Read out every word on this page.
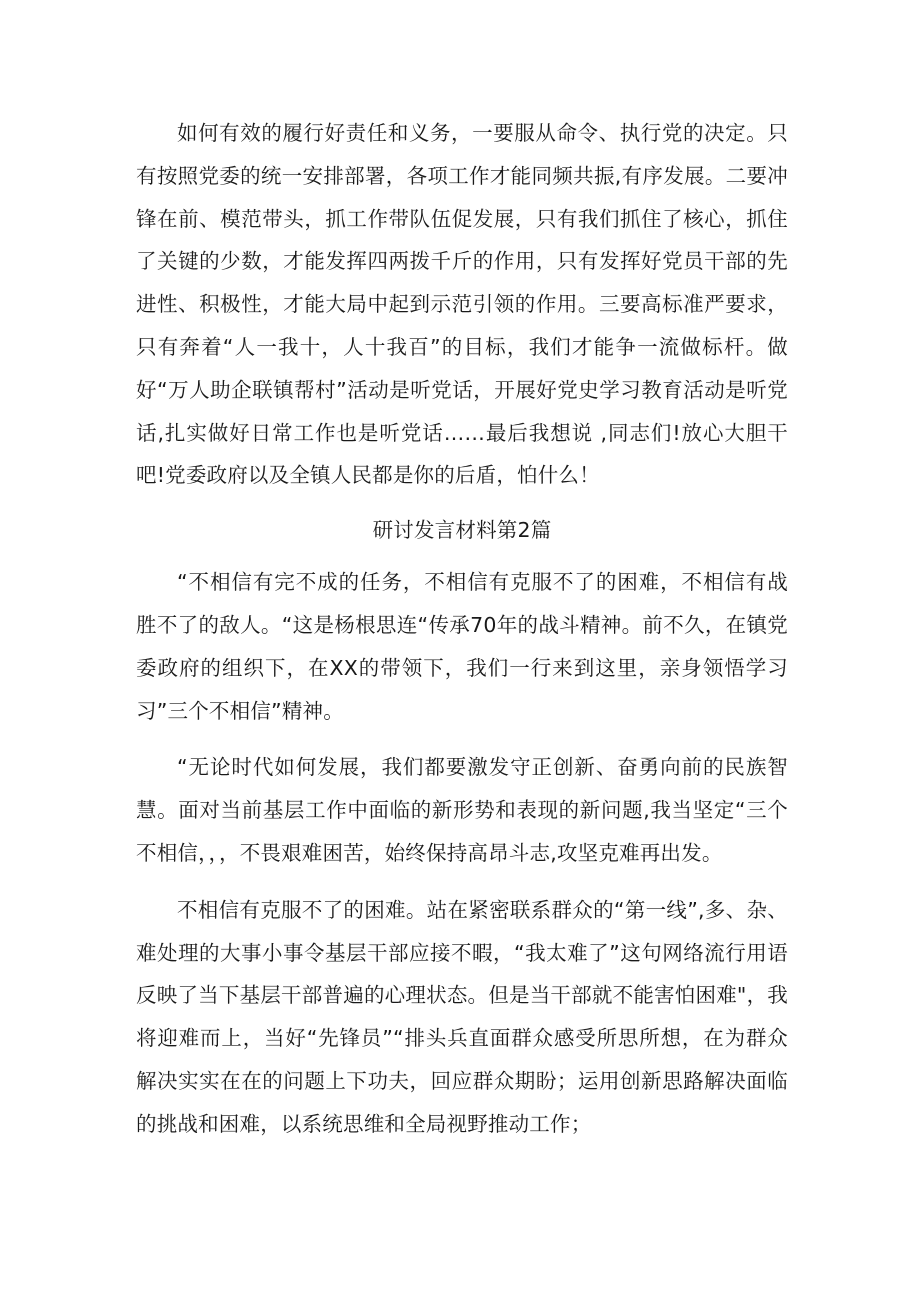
如何有效的履行好责任和义务，一要服从命令、执行党的决定。只有按照党委的统一安排部署，各项工作才能同频共振,有序发展。二要冲锋在前、模范带头，抓工作带队伍促发展，只有我们抓住了核心，抓住了关键的少数，才能发挥四两拨千斤的作用，只有发挥好党员干部的先进性、积极性，才能大局中起到示范引领的作用。三要高标准严要求，只有奔着“人一我十，人十我百”的目标，我们才能争一流做标杆。做好“万人助企联镇帮村”活动是听党话，开展好党史学习教育活动是听党话,扎实做好日常工作也是听党话……最后我想说 ,同志们!放心大胆干吧!党委政府以及全镇人民都是你的后盾，怕什么！

研讨发言材料第2篇

“不相信有完不成的任务，不相信有克服不了的困难，不相信有战胜不了的敌人。“这是杨根思连“传承70年的战斗精神。前不久，在镇党委政府的组织下，在XX的带领下，我们一行来到这里，亲身领悟学习习”三个不相信”精神。

“无论时代如何发展，我们都要激发守正创新、奋勇向前的民族智慧。面对当前基层工作中面临的新形势和表现的新问题,我当坚定“三个不相信，，，不畏艰难困苦，始终保持高昂斗志,攻坚克难再出发。

不相信有克服不了的困难。站在紧密联系群众的“第一线”,多、杂、难处理的大事小事令基层干部应接不暇，“我太难了”这句网络流行用语反映了当下基层干部普遍的心理状态。但是当干部就不能害怕困难"，我将迎难而上，当好“先锋员”“排头兵直面群众感受所思所想，在为群众解决实实在在的问题上下功夫，回应群众期盼；运用创新思路解决面临的挑战和困难，以系统思维和全局视野推动工作；
